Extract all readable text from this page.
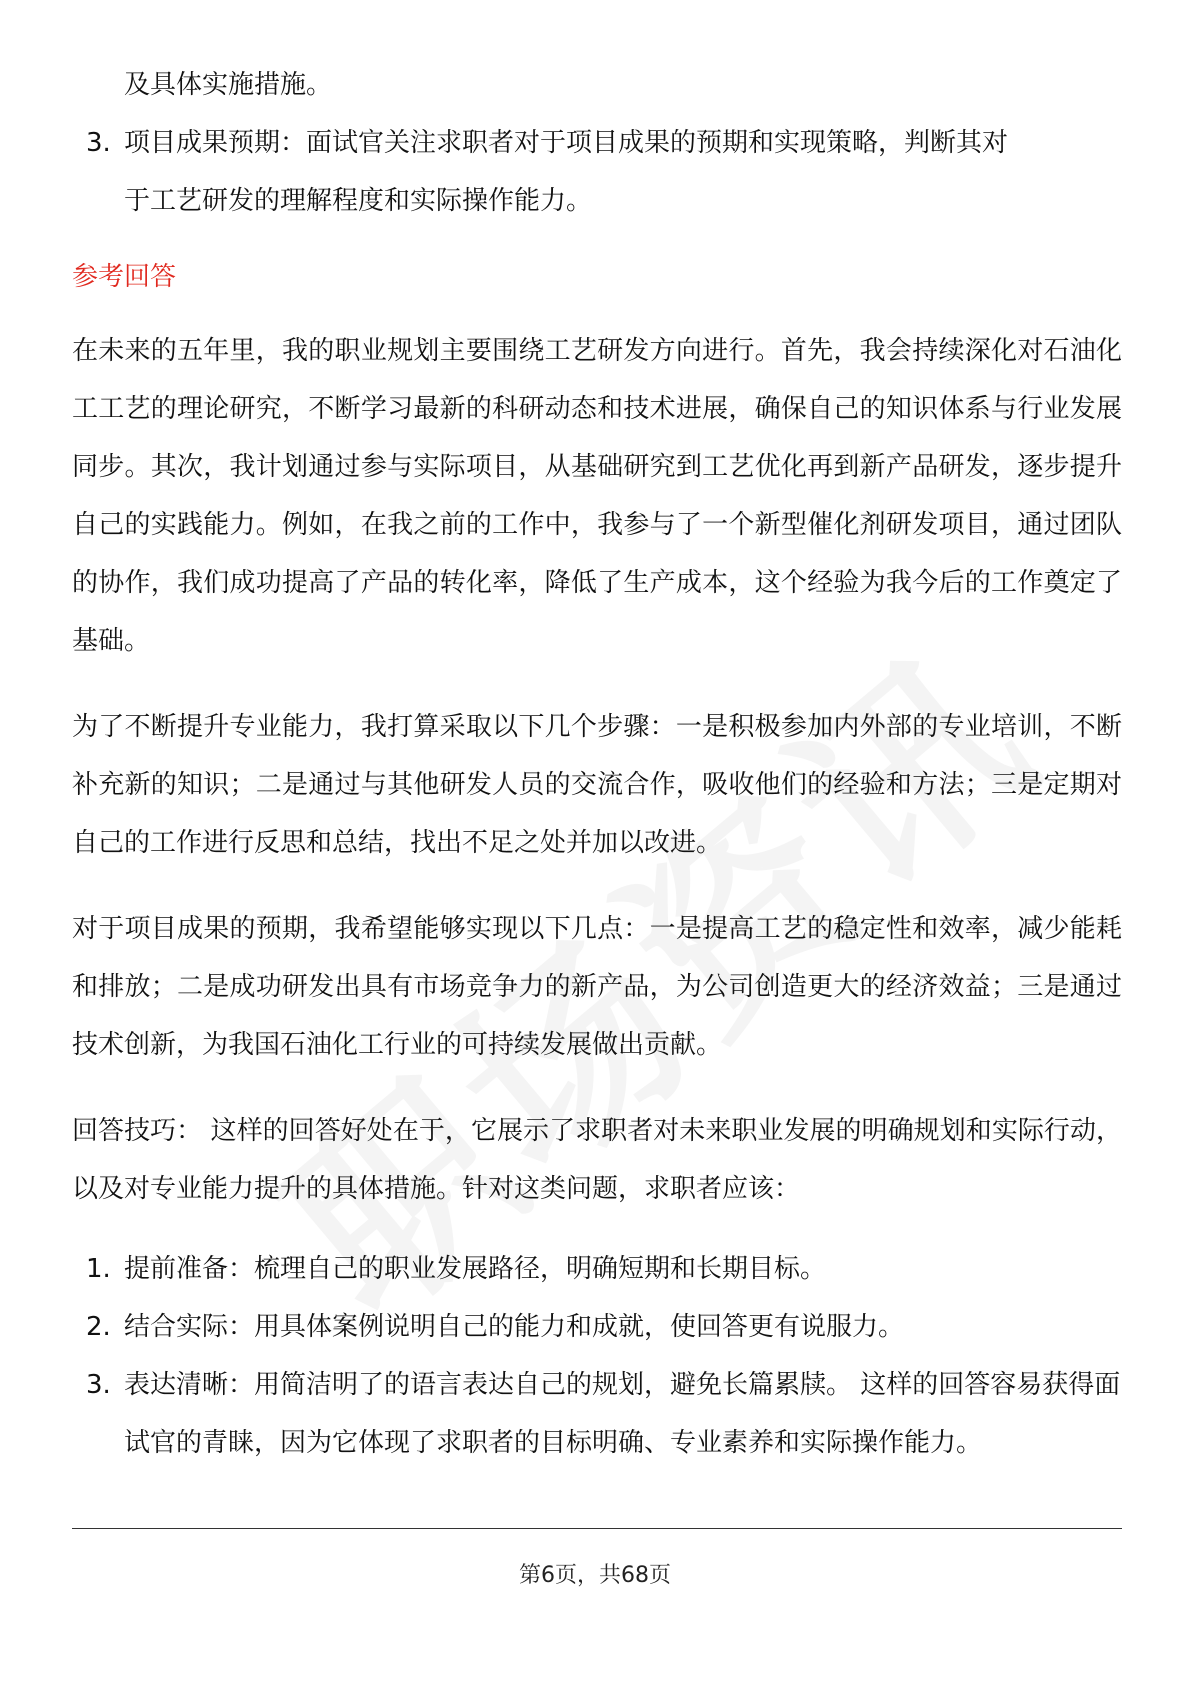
及具体实施措施。
3. 项目成果预期：面试官关注求职者对于项目成果的预期和实现策略，判断其对
于工艺研发的理解程度和实际操作能力。
参考回答

在未来的五年里，我的职业规划主要围绕工艺研发方向进行。首先，我会持续深化对石油化工工艺的理论研究，不断学习最新的科研动态和技术进展，确保自己的知识体系与行业发展同步。其次，我计划通过参与实际项目，从基础研究到工艺优化再到新产品研发，逐步提升自己的实践能力。例如，在我之前的工作中，我参与了一个新型催化剂研发项目，通过团队的协作，我们成功提高了产品的转化率，降低了生产成本，这个经验为我今后的工作奠定了基础。

为了不断提升专业能力，我打算采取以下几个步骤：一是积极参加内外部的专业培训，不断补充新的知识；二是通过与其他研发人员的交流合作，吸收他们的经验和方法；三是定期对自己的工作进行反思和总结，找出不足之处并加以改进。

对于项目成果的预期，我希望能够实现以下几点：一是提高工艺的稳定性和效率，减少能耗和排放；二是成功研发出具有市场竞争力的新产品，为公司创造更大的经济效益；三是通过技术创新，为我国石油化工行业的可持续发展做出贡献。

回答技巧： 这样的回答好处在于，它展示了求职者对未来职业发展的明确规划和实际行动，以及对专业能力提升的具体措施。针对这类问题，求职者应该：

1. 提前准备：梳理自己的职业发展路径，明确短期和长期目标。
2. 结合实际：用具体案例说明自己的能力和成就，使回答更有说服力。
3. 表达清晰：用简洁明了的语言表达自己的规划，避免长篇累牍。 这样的回答容易获得面试官的青睐，因为它体现了求职者的目标明确、专业素养和实际操作能力。
第6页，共68页
